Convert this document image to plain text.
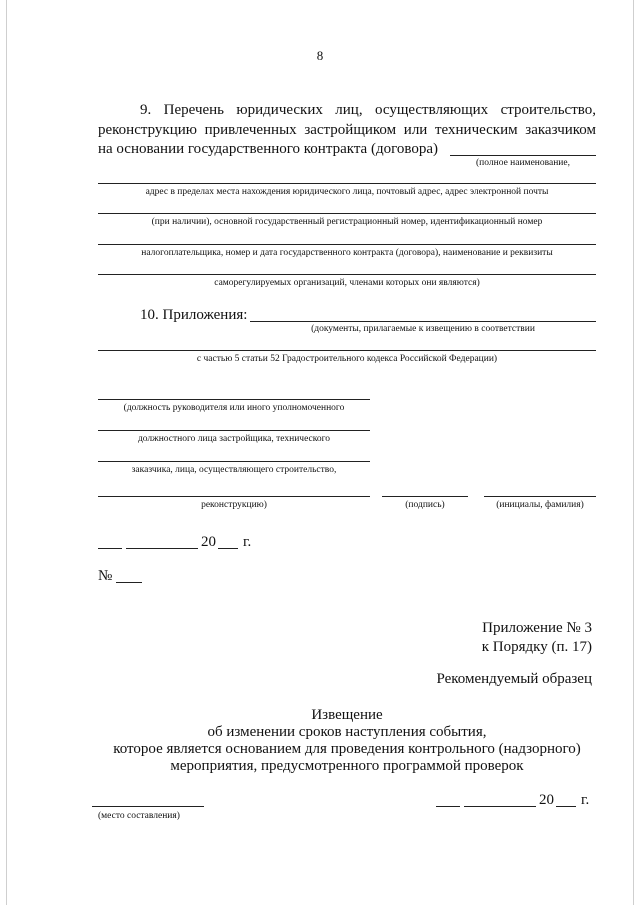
8
9. Перечень юридических лиц, осуществляющих строительство,
реконструкцию привлеченных застройщиком или техническим заказчиком
на основании государственного контракта (договора)
(полное наименование,
адрес в пределах места нахождения юридического лица, почтовый адрес, адрес электронной почты
(при наличии), основной государственный регистрационный номер, идентификационный номер
налогоплательщика, номер и дата государственного контракта (договора), наименование и реквизиты
саморегулируемых организаций, членами которых они являются)
10. Приложения:
(документы, прилагаемые к извещению в соответствии
с частью 5 статьи 52 Градостроительного кодекса Российской Федерации)
(должность руководителя или иного уполномоченного
должностного лица застройщика, технического
заказчика, лица, осуществляющего строительство,
реконструкцию)	(подпись)	(инициалы, фамилия)
20 г.
№
Приложение № 3
к Порядку (п. 17)
Рекомендуемый образец
Извещение
об изменении сроков наступления события,
которое является основанием для проведения контрольного (надзорного)
мероприятия, предусмотренного программой проверок
(место составления)
20 г.
